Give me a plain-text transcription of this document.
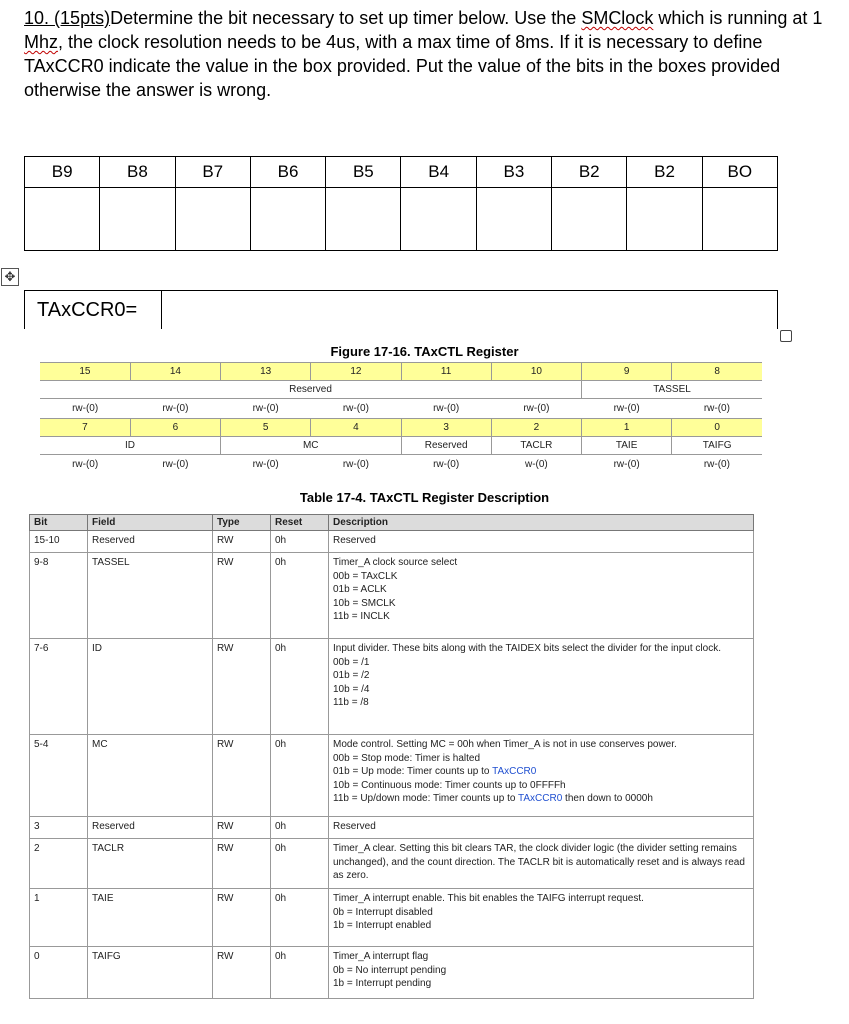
10. (15pts)Determine the bit necessary to set up timer below. Use the SMClock which is running at 1 Mhz, the clock resolution needs to be 4us, with a max time of 8ms. If it is necessary to define TAxCCR0 indicate the value in the box provided. Put the value of the bits in the boxes provided otherwise the answer is wrong.
B9	B8	B7	B6	B5	B4	B3	B2	B2	BO

✥
TAxCCR0=
Figure 17-16. TAxCTL Register
15	14	13	12	11	10	9	8
Reserved						TASSEL	
rw-(0)	rw-(0)	rw-(0)	rw-(0)	rw-(0)	rw-(0)	rw-(0)	rw-(0)
7	6	5	4	3	2	1	0
ID		MC		Reserved	TACLR	TAIE	TAIFG
rw-(0)	rw-(0)	rw-(0)	rw-(0)	rw-(0)	w-(0)	rw-(0)	rw-(0)
Table 17-4. TAxCTL Register Description
Bit	Field	Type	Reset	Description
15-10	Reserved	RW	0h	Reserved

9-8	TASSEL	RW	0h	Timer_A clock source select
00b = TAxCLK
01b = ACLK
10b = SMCLK
11b = INCLK

7-6	ID	RW	0h	Input divider. These bits along with the TAIDEX bits select the divider for the input clock.
00b = /1
01b = /2
10b = /4
11b = /8

5-4	MC	RW	0h	Mode control. Setting MC = 00h when Timer_A is not in use conserves power.
00b = Stop mode: Timer is halted
01b = Up mode: Timer counts up to TAxCCR0
10b = Continuous mode: Timer counts up to 0FFFFh
11b = Up/down mode: Timer counts up to TAxCCR0 then down to 0000h

3	Reserved	RW	0h	Reserved

2	TACLR	RW	0h	Timer_A clear. Setting this bit clears TAR, the clock divider logic (the divider setting remains unchanged), and the count direction. The TACLR bit is automatically reset and is always read as zero.

1	TAIE	RW	0h	Timer_A interrupt enable. This bit enables the TAIFG interrupt request.
0b = Interrupt disabled
1b = Interrupt enabled

0	TAIFG	RW	0h	Timer_A interrupt flag
0b = No interrupt pending
1b = Interrupt pending
